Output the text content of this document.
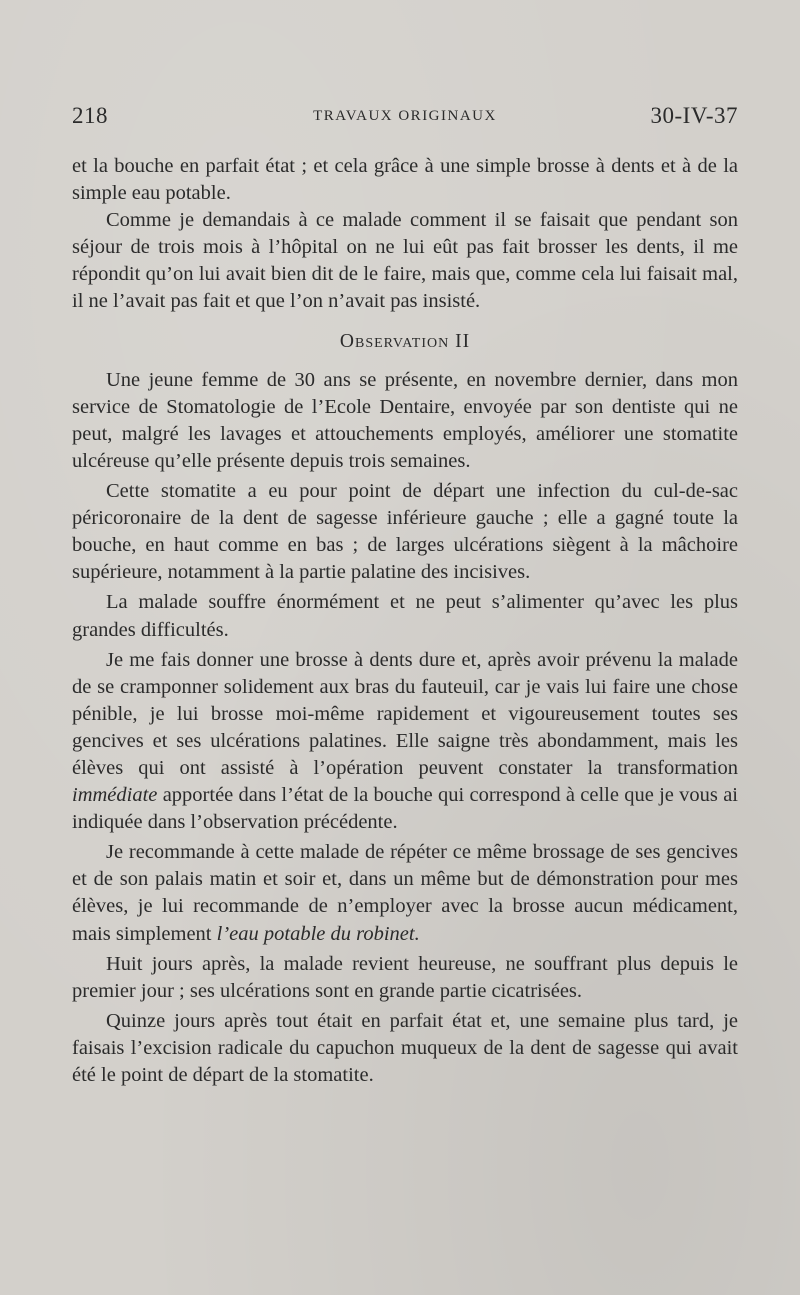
218	TRAVAUX ORIGINAUX	30-IV-37

et la bouche en parfait état ; et cela grâce à une simple brosse à dents et à de la simple eau potable.

Comme je demandais à ce malade comment il se faisait que pendant son séjour de trois mois à l’hôpital on ne lui eût pas fait brosser les dents, il me répondit qu’on lui avait bien dit de le faire, mais que, comme cela lui faisait mal, il ne l’avait pas fait et que l’on n’avait pas insisté.

Observation II

Une jeune femme de 30 ans se présente, en novembre dernier, dans mon service de Stomatologie de l’Ecole Dentaire, envoyée par son dentiste qui ne peut, malgré les lavages et attouchements employés, améliorer une stomatite ulcéreuse qu’elle présente depuis trois semaines.

Cette stomatite a eu pour point de départ une infection du cul-de-sac péricoronaire de la dent de sagesse inférieure gauche ; elle a gagné toute la bouche, en haut comme en bas ; de larges ulcérations siègent à la mâchoire supérieure, notamment à la partie palatine des incisives.

La malade souffre énormément et ne peut s’alimenter qu’avec les plus grandes difficultés.

Je me fais donner une brosse à dents dure et, après avoir prévenu la malade de se cramponner solidement aux bras du fauteuil, car je vais lui faire une chose pénible, je lui brosse moi-même rapidement et vigoureusement toutes ses gencives et ses ulcérations palatines. Elle saigne très abondamment, mais les élèves qui ont assisté à l’opération peuvent constater la transformation immédiate apportée dans l’état de la bouche qui correspond à celle que je vous ai indiquée dans l’observation précédente.

Je recommande à cette malade de répéter ce même brossage de ses gencives et de son palais matin et soir et, dans un même but de démonstration pour mes élèves, je lui recommande de n’employer avec la brosse aucun médicament, mais simplement l’eau potable du robinet.

Huit jours après, la malade revient heureuse, ne souffrant plus depuis le premier jour ; ses ulcérations sont en grande partie cicatrisées.

Quinze jours après tout était en parfait état et, une semaine plus tard, je faisais l’excision radicale du capuchon muqueux de la dent de sagesse qui avait été le point de départ de la stomatite.
